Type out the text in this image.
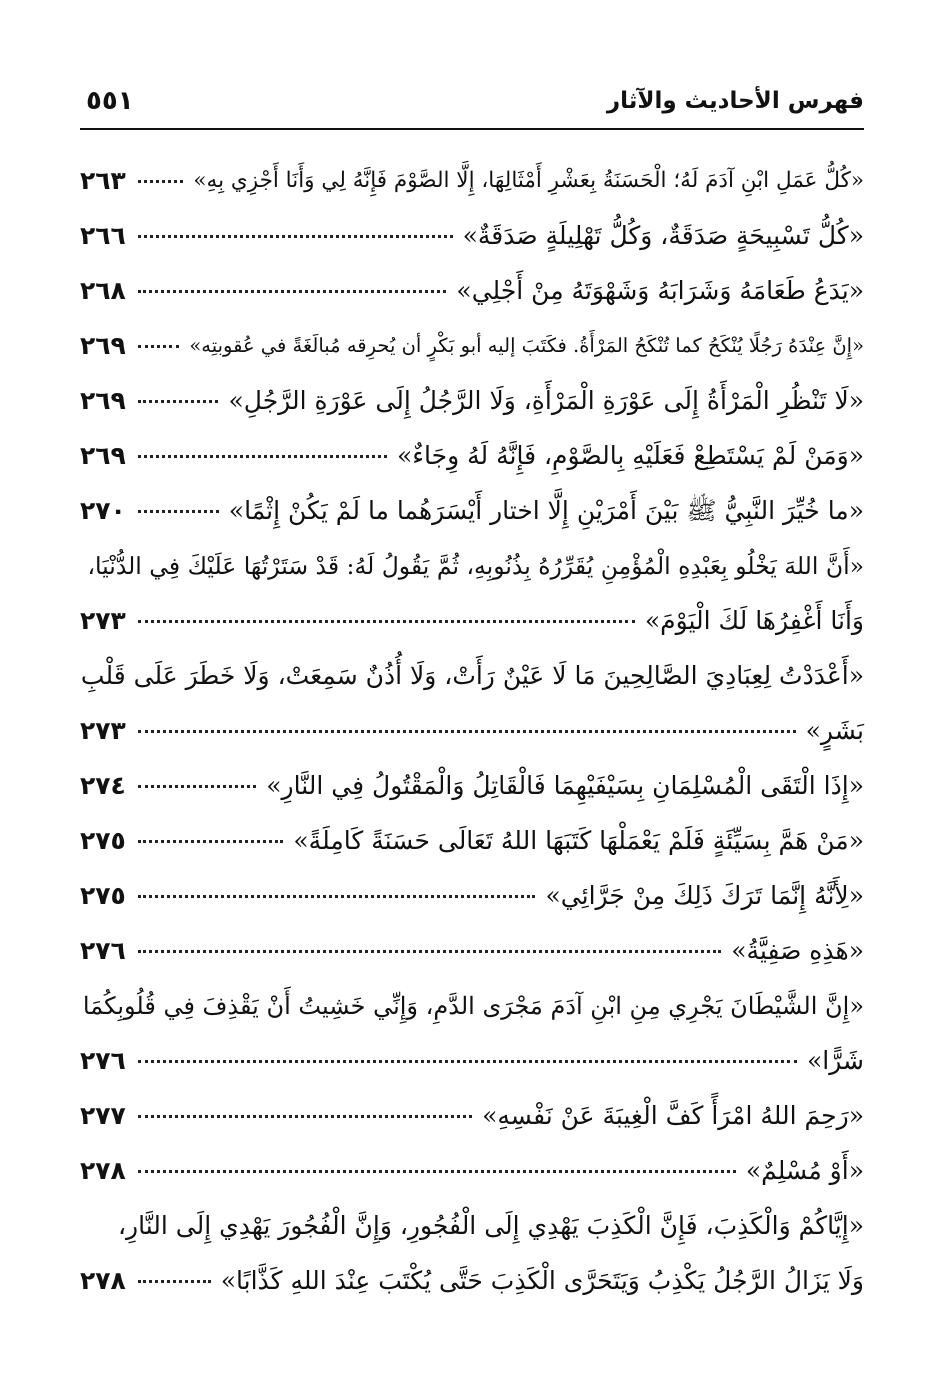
فهرس الأحاديث والآثار
٥٥١
«كُلُّ عَمَلِ ابْنِ آدَمَ لَهُ؛ الْحَسَنَةُ بِعَشْرِ أَمْثَالِهَا، إِلَّا الصَّوْمَ فَإِنَّهُ لِي وَأَنَا أَجْزِي بِهِ»
٢٦٣
«كُلُّ تَسْبِيحَةٍ صَدَقَةٌ، وَكُلُّ تَهْلِيلَةٍ صَدَقَةٌ»
٢٦٦
«يَدَعُ طَعَامَهُ وَشَرَابَهُ وَشَهْوَتَهُ مِنْ أَجْلِي»
٢٦٨
«إِنَّ عِنْدَهُ رَجُلًا يُنْكَحُ كما تُنْكَحُ المَرْأَةُ. فكَتَبَ إليه أبو بَكْرٍ أن يُحرِقه مُبالَغَةً في عُقوبتِه»
٢٦٩
«لَا تَنْظُرِ الْمَرْأَةُ إِلَى عَوْرَةِ الْمَرْأَةِ، وَلَا الرَّجُلُ إِلَى عَوْرَةِ الرَّجُلِ»
٢٦٩
«وَمَنْ لَمْ يَسْتَطِعْ فَعَلَيْهِ بِالصَّوْمِ، فَإِنَّهُ لَهُ وِجَاءٌ»
٢٦٩
«ما خُيِّرَ النَّبِيُّ ﷺ بَيْنَ أَمْرَيْنِ إِلَّا اختار أَيْسَرَهُما ما لَمْ يَكُنْ إِثْمًا»
٢٧٠
«أَنَّ اللهَ يَخْلُو بِعَبْدِهِ الْمُؤْمِنِ يُقَرِّرُهُ بِذُنُوبِهِ، ثُمَّ يَقُولُ لَهُ: قَدْ سَتَرْتُهَا عَلَيْكَ فِي الدُّنْيَا،
وَأَنَا أَغْفِرُهَا لَكَ الْيَوْمَ»
٢٧٣
«أَعْدَدْتُ لِعِبَادِيَ الصَّالِحِينَ مَا لَا عَيْنٌ رَأَتْ، وَلَا أُذُنٌ سَمِعَتْ، وَلَا خَطَرَ عَلَى قَلْبِ
بَشَرٍ»
٢٧٣
«إِذَا الْتَقَى الْمُسْلِمَانِ بِسَيْفَيْهِمَا فَالْقَاتِلُ وَالْمَقْتُولُ فِي النَّارِ»
٢٧٤
«مَنْ هَمَّ بِسَيِّئَةٍ فَلَمْ يَعْمَلْهَا كَتَبَهَا اللهُ تَعَالَى حَسَنَةً كَامِلَةً»
٢٧٥
«لِأَنَّهُ إِنَّمَا تَرَكَ ذَلِكَ مِنْ جَرَّائِي»
٢٧٥
«هَذِهِ صَفِيَّةُ»
٢٧٦
«إِنَّ الشَّيْطَانَ يَجْرِي مِنِ ابْنِ آدَمَ مَجْرَى الدَّمِ، وَإِنِّي خَشِيتُ أَنْ يَقْذِفَ فِي قُلُوبِكُمَا
شَرًّا»
٢٧٦
«رَحِمَ اللهُ امْرَأً كَفَّ الْغِيبَةَ عَنْ نَفْسِهِ»
٢٧٧
«أَوْ مُسْلِمٌ»
٢٧٨
«إِيَّاكُمْ وَالْكَذِبَ، فَإِنَّ الْكَذِبَ يَهْدِي إِلَى الْفُجُورِ، وَإِنَّ الْفُجُورَ يَهْدِي إِلَى النَّارِ،
وَلَا يَزَالُ الرَّجُلُ يَكْذِبُ وَيَتَحَرَّى الْكَذِبَ حَتَّى يُكْتَبَ عِنْدَ اللهِ كَذَّابًا»
٢٧٨
